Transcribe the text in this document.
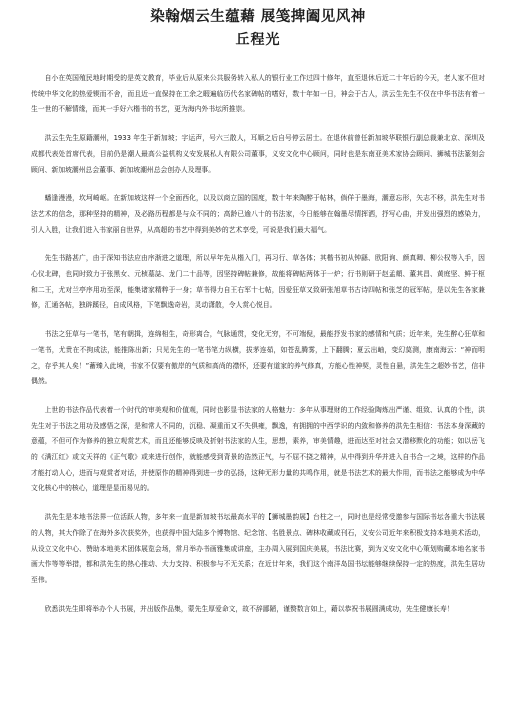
染翰烟云生蕴藉 展笺捭阖见风神
丘程光

自小在英国殖民地时期受的是英文教育，毕业后从原来公共服务转入私人的银行业工作过四十修年，直至退休后近二十年后的今天，老人家不但对传统中华文化的热爱锲而不舍，而且近一直保持在工余之暇遍临历代名家碑帖的嗜好，数十年如一日，神会于古人，洪云生先生不仅在中华书法有着一生一世的不解情缘，而其一手好六楷书的书艺，更为海内外书坛所推崇。

洪云生先生原籍潮州，1933 年生于新加坡；字运声，号六三散人，耳顺之后自号停云居士。在退休前曾任新加坡华联银行副总裁兼北京、深圳及成都代表处首席代表，目前仍是潮人最高公益机构义安发展私人有限公司董事，义安文化中心顾问，同时也是东南亚美术家协会顾问、狮城书法篆刻会顾问、新加坡潮州总会董事、新加坡潮州总会创办人及理事。

蟠逢漫漫，坎坷崎岖。在新加坡这样一个全面西化，以及以商立国的国度，数十年来陶醉于帖林，倘佯于墨海，潮意忘形，矢志不移，洪先生对书法艺术的信念，那种坚持的精神，及必路历程都是与众不同的；高龄已逾八十的书法家，今日能够在翰墨尽情挥洒，抒写心曲，并发出强烈的感染力，引人入胜，让我们进入书家丽自世界，从高超的书艺中得到美妙的艺术享受，可说是我们最大福气。

先生书路甚广，由于深知书法应由序渐进之道理，所以早年先从楷入门，再习行、草各体；其楷书初从钟繇、欧阳询、颜真卿、柳公权等入手，因心仪北碑，也同时致力于张黑女、元桢墓誌、龙门二十品等，因坚持碑帖兼修，故能将碑帖两体于一炉；行书则研于赵孟頫、董其昌、黄庭坚、鲜于枢和二王，尤对兰亭序用功至深，能集诸家精粹于一身；草书得力自王右军十七帖，因爱狂草又致研张旭草书古诗四帖和张芝的冠军帖，是以先生各家兼修，汇通各帖，独辟蹊径，自成风格，下笔飘逸奇岩，灵动潇散，令人赏心悦目。

书法之狂草与一笔书，笔有朝揖，连绵相生，奇形离合，气脉通贯，变化无穷，不可端倪，最能抒发书家的感情和气质；近年来，先生醉心狂草和一笔书，尤贵在不拘成法，能推陈出新；只见先生的一笔书笔力纵横，拔茅连茹，如苍乱腾雾，上下翻腾；夏云出岫，变幻莫测，康南海云：“神而明之，存乎其人矣！”蓄臻入此境，书家不仅要有傲岸的气质和高尚的襟怀，还要有道家的养气修真，方能心性神契，灵性自悬，洪先生之超妙书艺，信非偶然。

上世的书法作品代表着一个时代的审美观和价值观，同时也影显书法家的人格魅力：多年从事理财的工作经验陶炼出严谨、组致、认真的个性，洪先生对于书法之用功及感悟之深，是和常人不同的，沉稳、凝重而又不失俱雍，飘逸，有拥拥的中西学识的内敛和修养的洪先生相信：书法本身深藏的意蕴，不但可作为修养的独立观赏艺术，而且还能够反映及折射书法家的人生，思想，素养，审美情趣，进而达至对社会又潜移默化的功能；如以岳飞的《满江红》或文天祥的《正气歌》或来进行创作，就能感受到背景的浩然正气，与不屈不挠之精神，从中得到升华并进入自书合一之境，这样的作品才能打动人心，进而与观赏者对话，并使原作的精神得到进一步的弘扬，这种无形力量的共鸣作用，就是书法艺术的最大作用，而书法之能够成为中华文化核心中的核心，道理是显而易见的。

洪先生是本地书法界一位活跃人物，多年来一直是新加坡书坛最高水平的【狮城墨韵展】台柱之一，同时也是经常受邀参与国际书坛各重大书法展的人物，其大作除了在海外多次获奖外，也获得中国大陆多个博物馆、纪念馆、名胜景点、碑林收藏或刊石，义安公司近年来积极支持本地美术活动，从设立文化中心、赞助本地美术团体展览会场，常月举办书画雅集或讲座，主办周入展到国庆美展，书法比赛，到为义安文化中心策划购藏本地名家书画大作等等举措，都和洪先生的热心推动、大力支持、积极参与不无关系；在近廿年来，我们这个南洋岛国书坛能够继续保持一定的热度，洪先生居功至伟。

欣悉洪先生即将举办个人书展，并出版作品集，蒙先生厚爱命文，故不辞鄙陋，谨赘数言如上，藉以恭祝书展圆满成功，先生健康长寿！
